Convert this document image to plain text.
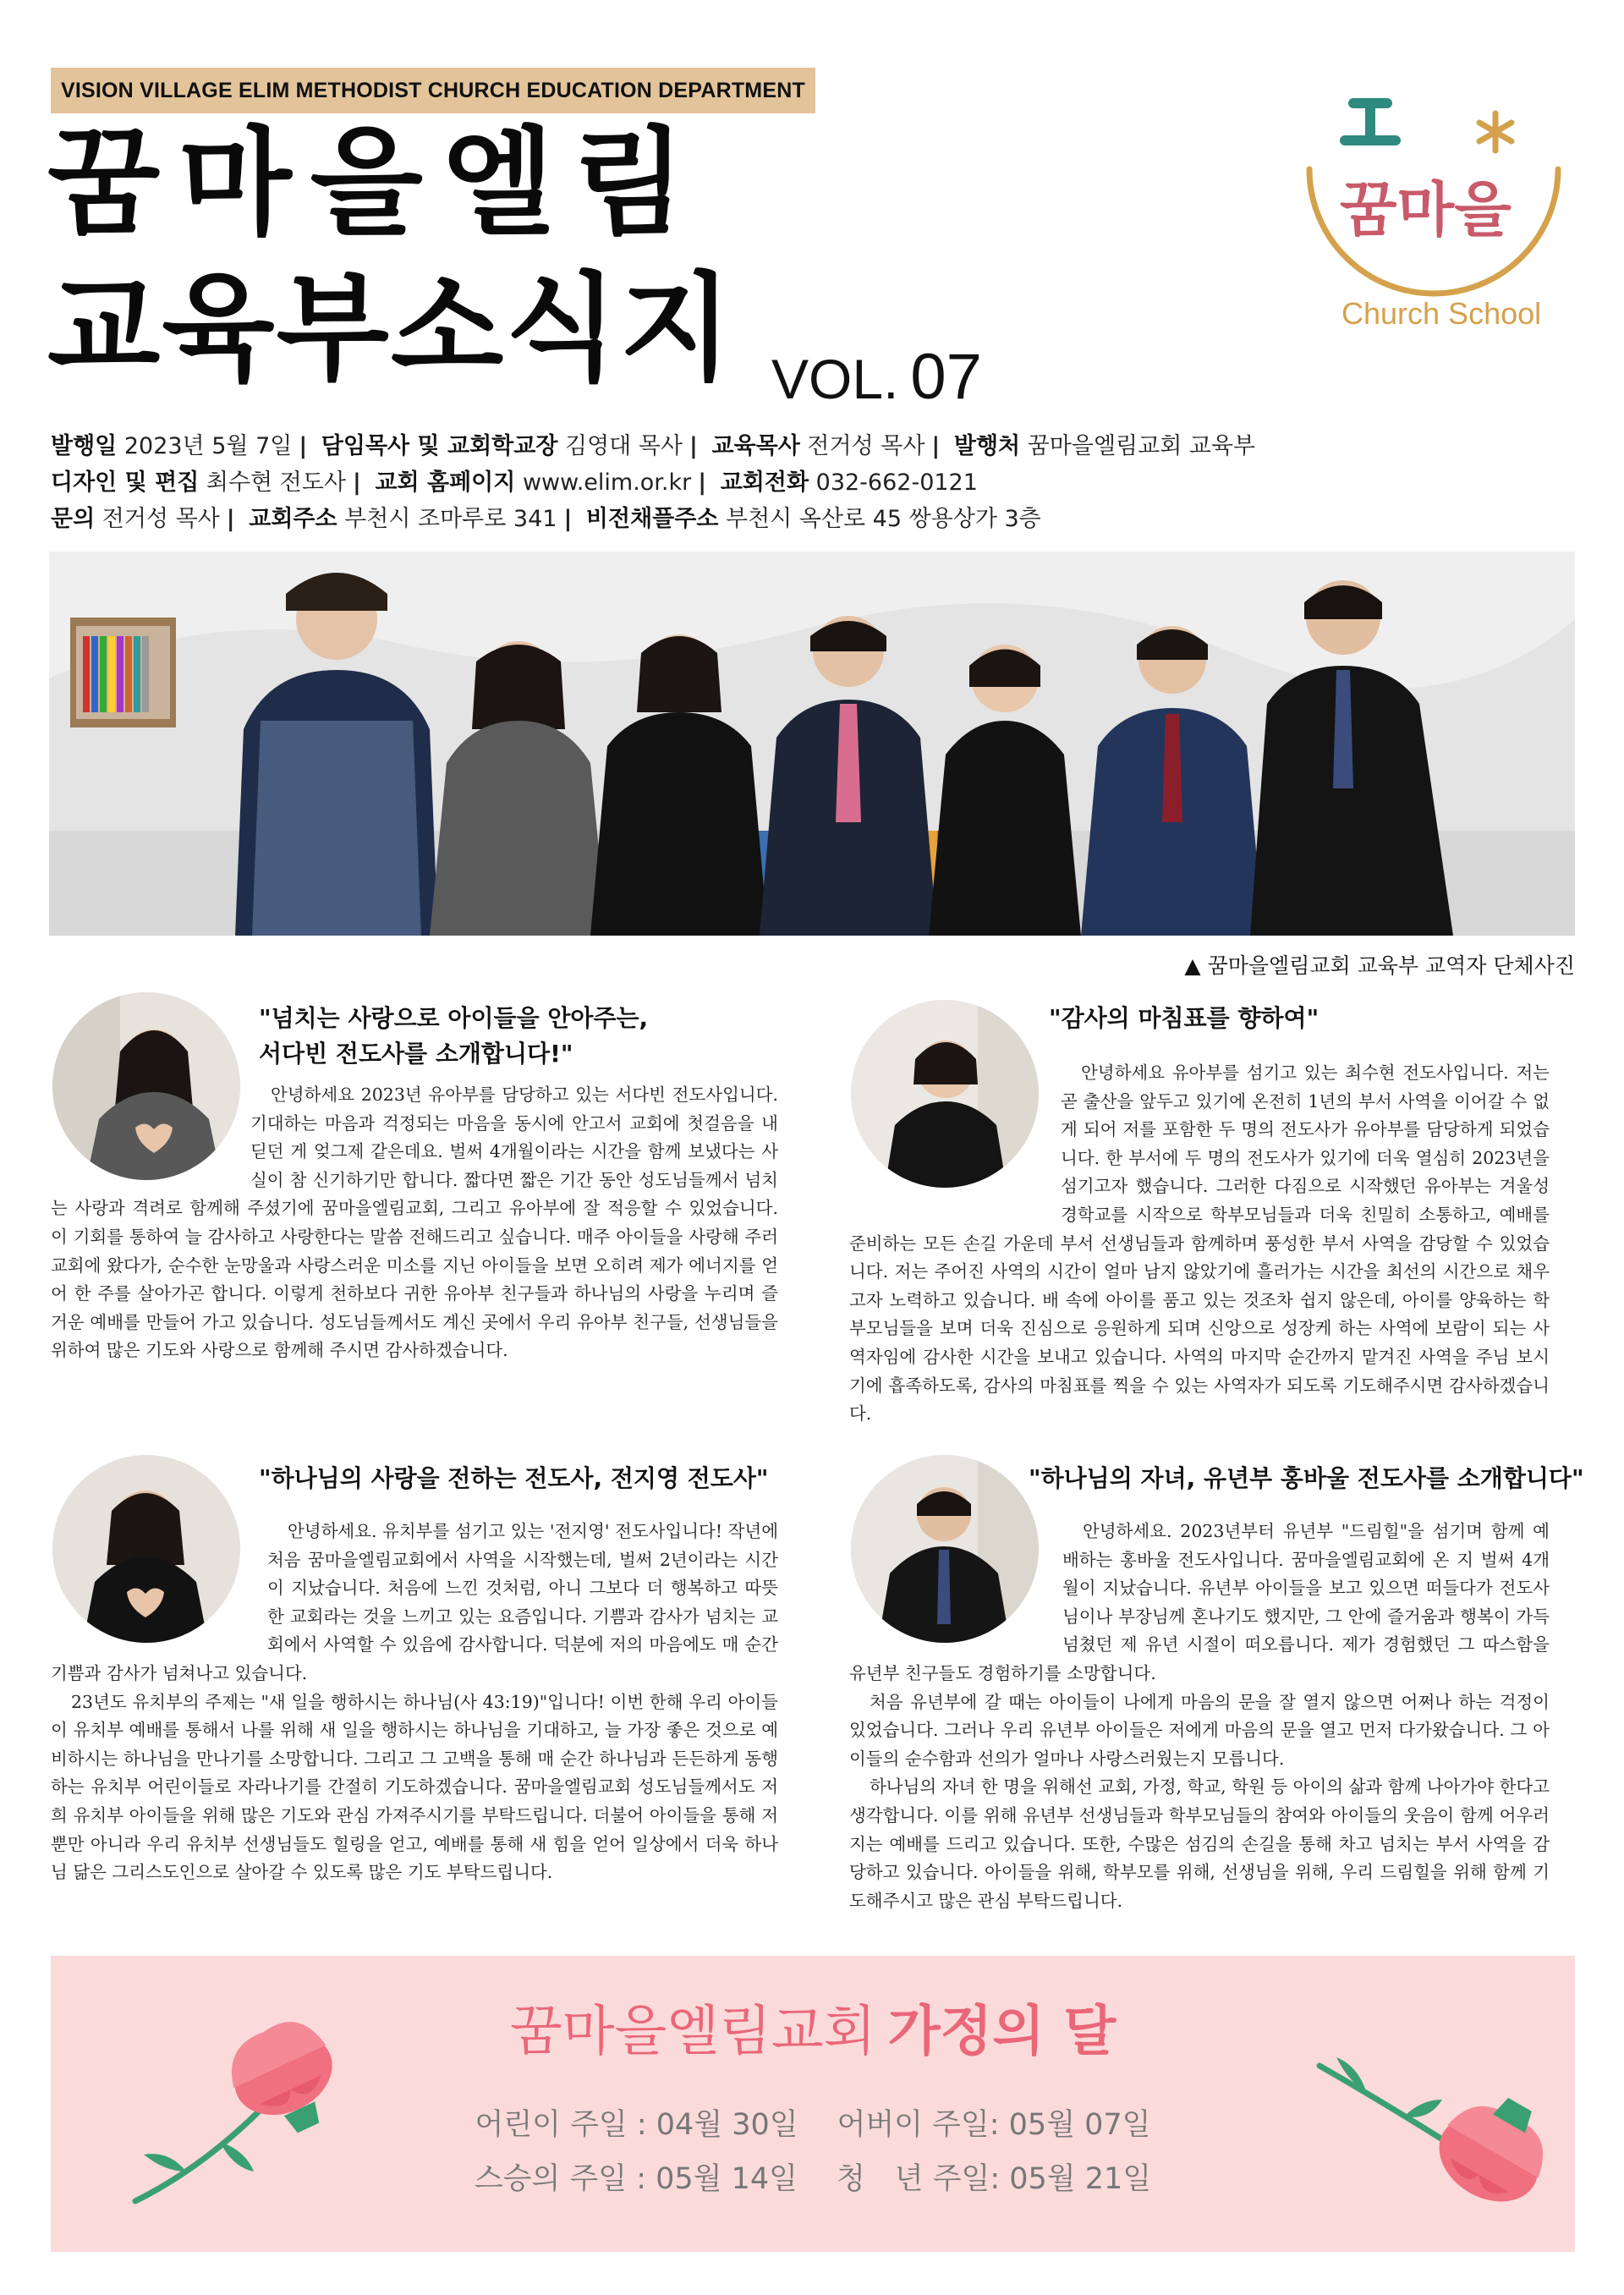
VISION VILLAGE ELIM METHODIST CHURCH EDUCATION DEPARTMENT
꿈마을엘림
교육부소식지 VOL. 07
꿈마을
Church School
발행일 2023년 5월 7일 | 담임목사 및 교회학교장 김영대 목사 | 교육목사 전거성 목사 | 발행처 꿈마을엘림교회 교육부
디자인 및 편집 최수현 전도사 | 교회 홈페이지 www.elim.or.kr | 교회전화 032-662-0121
문의 전거성 목사 | 교회주소 부천시 조마루로 341 | 비전채플주소 부천시 옥산로 45 쌍용상가 3층
▲ 꿈마을엘림교회 교육부 교역자 단체사진
"넘치는 사랑으로 아이들을 안아주는,
서다빈 전도사를 소개합니다!"
안녕하세요 2023년 유아부를 담당하고 있는 서다빈 전도사입니다. 기대하는 마음과 걱정되는 마음을 동시에 안고서 교회에 첫걸음을 내딛던 게 엊그제 같은데요. 벌써 4개월이라는 시간을 함께 보냈다는 사실이 참 신기하기만 합니다. 짧다면 짧은 기간 동안 성도님들께서 넘치는 사랑과 격려로 함께해 주셨기에 꿈마을엘림교회, 그리고 유아부에 잘 적응할 수 있었습니다. 이 기회를 통하여 늘 감사하고 사랑한다는 말씀 전해드리고 싶습니다. 매주 아이들을 사랑해 주러 교회에 왔다가, 순수한 눈망울과 사랑스러운 미소를 지닌 아이들을 보면 오히려 제가 에너지를 얻어 한 주를 살아가곤 합니다. 이렇게 천하보다 귀한 유아부 친구들과 하나님의 사랑을 누리며 즐거운 예배를 만들어 가고 있습니다. 성도님들께서도 계신 곳에서 우리 유아부 친구들, 선생님들을 위하여 많은 기도와 사랑으로 함께해 주시면 감사하겠습니다.
"감사의 마침표를 향하여"
안녕하세요 유아부를 섬기고 있는 최수현 전도사입니다. 저는 곧 출산을 앞두고 있기에 온전히 1년의 부서 사역을 이어갈 수 없게 되어 저를 포함한 두 명의 전도사가 유아부를 담당하게 되었습니다. 한 부서에 두 명의 전도사가 있기에 더욱 열심히 2023년을 섬기고자 했습니다. 그러한 다짐으로 시작했던 유아부는 겨울성경학교를 시작으로 학부모님들과 더욱 친밀히 소통하고, 예배를 준비하는 모든 손길 가운데 부서 선생님들과 함께하며 풍성한 부서 사역을 감당할 수 있었습니다. 저는 주어진 사역의 시간이 얼마 남지 않았기에 흘러가는 시간을 최선의 시간으로 채우고자 노력하고 있습니다. 배 속에 아이를 품고 있는 것조차 쉽지 않은데, 아이를 양육하는 학부모님들을 보며 더욱 진심으로 응원하게 되며 신앙으로 성장케 하는 사역에 보람이 되는 사역자임에 감사한 시간을 보내고 있습니다. 사역의 마지막 순간까지 맡겨진 사역을 주님 보시기에 흡족하도록, 감사의 마침표를 찍을 수 있는 사역자가 되도록 기도해주시면 감사하겠습니다.
"하나님의 사랑을 전하는 전도사, 전지영 전도사"
안녕하세요. 유치부를 섬기고 있는 '전지영' 전도사입니다! 작년에 처음 꿈마을엘림교회에서 사역을 시작했는데, 벌써 2년이라는 시간이 지났습니다. 처음에 느낀 것처럼, 아니 그보다 더 행복하고 따뜻한 교회라는 것을 느끼고 있는 요즘입니다. 기쁨과 감사가 넘치는 교회에서 사역할 수 있음에 감사합니다. 덕분에 저의 마음에도 매 순간 기쁨과 감사가 넘쳐나고 있습니다.
23년도 유치부의 주제는 "새 일을 행하시는 하나님(사 43:19)"입니다! 이번 한해 우리 아이들이 유치부 예배를 통해서 나를 위해 새 일을 행하시는 하나님을 기대하고, 늘 가장 좋은 것으로 예비하시는 하나님을 만나기를 소망합니다. 그리고 그 고백을 통해 매 순간 하나님과 든든하게 동행하는 유치부 어린이들로 자라나기를 간절히 기도하겠습니다. 꿈마을엘림교회 성도님들께서도 저희 유치부 아이들을 위해 많은 기도와 관심 가져주시기를 부탁드립니다. 더불어 아이들을 통해 저뿐만 아니라 우리 유치부 선생님들도 힐링을 얻고, 예배를 통해 새 힘을 얻어 일상에서 더욱 하나님 닮은 그리스도인으로 살아갈 수 있도록 많은 기도 부탁드립니다.
"하나님의 자녀, 유년부 홍바울 전도사를 소개합니다"
안녕하세요. 2023년부터 유년부 "드림힐"을 섬기며 함께 예배하는 홍바울 전도사입니다. 꿈마을엘림교회에 온 지 벌써 4개월이 지났습니다. 유년부 아이들을 보고 있으면 떠들다가 전도사님이나 부장님께 혼나기도 했지만, 그 안에 즐거움과 행복이 가득 넘쳤던 제 유년 시절이 떠오릅니다. 제가 경험했던 그 따스함을 유년부 친구들도 경험하기를 소망합니다.
처음 유년부에 갈 때는 아이들이 나에게 마음의 문을 잘 열지 않으면 어쩌나 하는 걱정이 있었습니다. 그러나 우리 유년부 아이들은 저에게 마음의 문을 열고 먼저 다가왔습니다. 그 아이들의 순수함과 선의가 얼마나 사랑스러웠는지 모릅니다.
하나님의 자녀 한 명을 위해선 교회, 가정, 학교, 학원 등 아이의 삶과 함께 나아가야 한다고 생각합니다. 이를 위해 유년부 선생님들과 학부모님들의 참여와 아이들의 웃음이 함께 어우러지는 예배를 드리고 있습니다. 또한, 수많은 섬김의 손길을 통해 차고 넘치는 부서 사역을 감당하고 있습니다. 아이들을 위해, 학부모를 위해, 선생님을 위해, 우리 드림힐을 위해 함께 기도해주시고 많은 관심 부탁드립니다.
꿈마을엘림교회 가정의 달
어린이 주일 : 04월 30일 어버이 주일: 05월 07일
스승의 주일 : 05월 14일 청　년 주일: 05월 21일
